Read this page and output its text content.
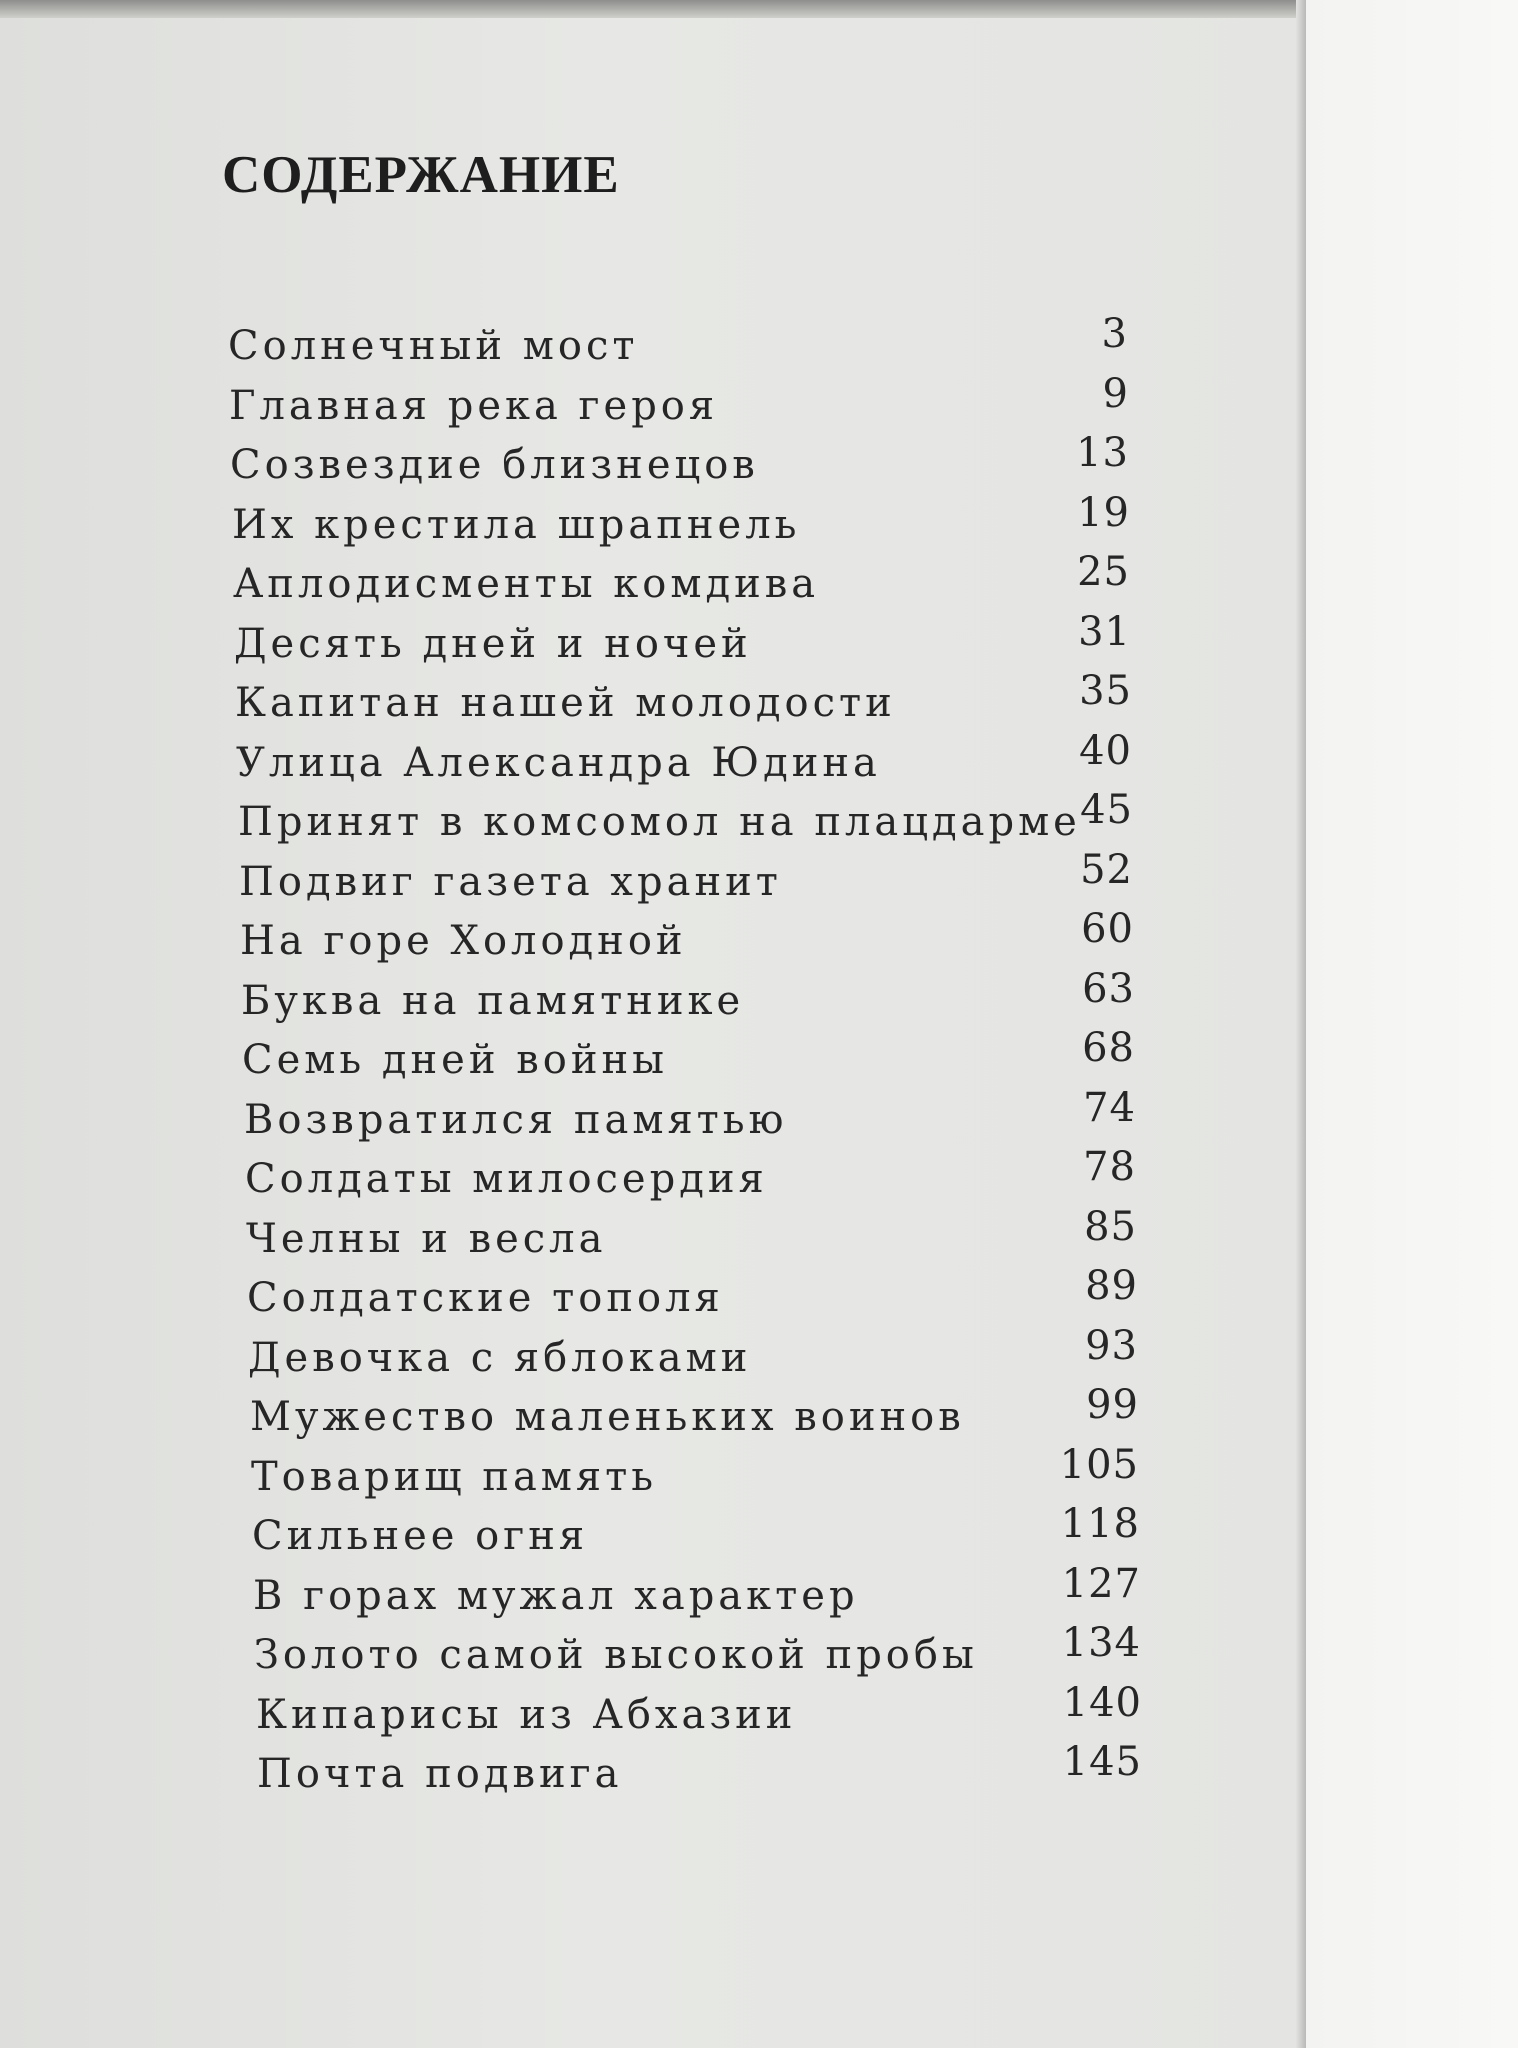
СОДЕРЖАНИЕ
Солнечный мост	3
Главная река героя	9
Созвездие близнецов	13
Их крестила шрапнель	19
Аплодисменты комдива	25
Десять дней и ночей	31
Капитан нашей молодости	35
Улица Александра Юдина	40
Принят в комсомол на плацдарме 45
Подвиг газета хранит	52
На горе Холодной	60
Буква на памятнике	63
Семь дней войны	68
Возвратился памятью	74
Солдаты милосердия	78
Челны и весла	85
Солдатские тополя	89
Девочка с яблоками	93
Мужество маленьких воинов	99
Товарищ память	105
Сильнее огня	118
В горах мужал характер	127
Золото самой высокой пробы	134
Кипарисы из Абхазии	140
Почта подвига	145
